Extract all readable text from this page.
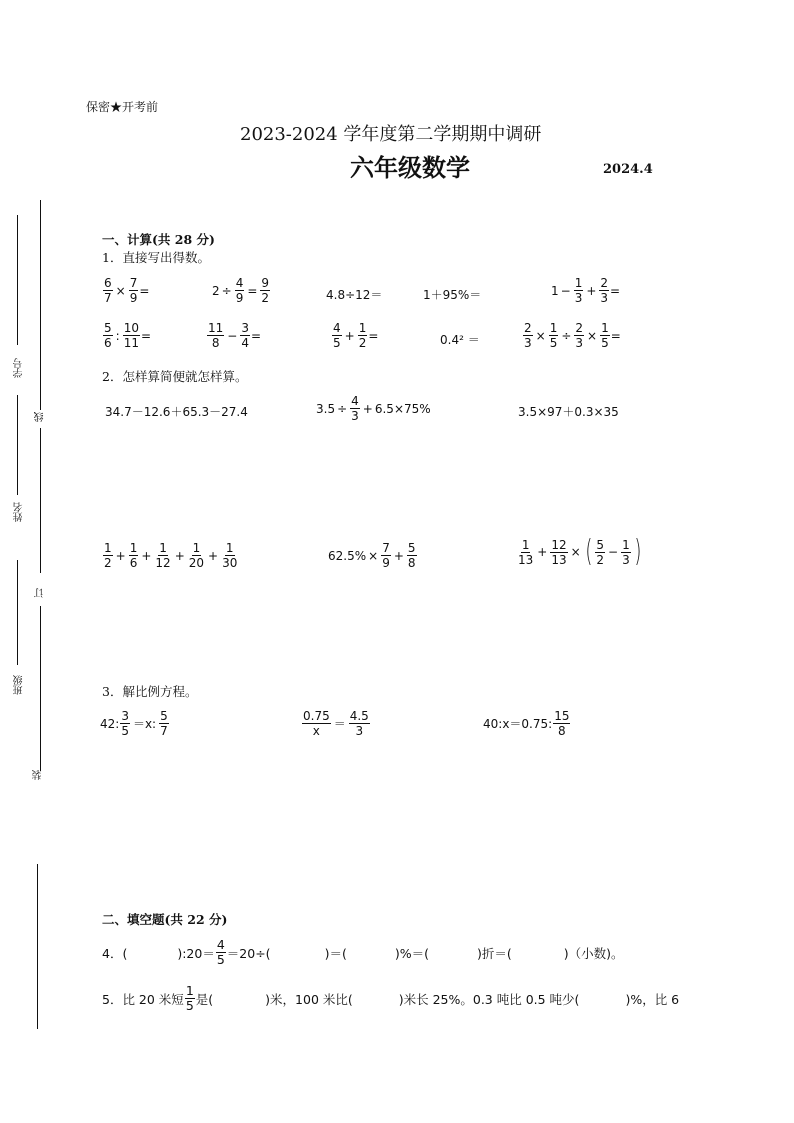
保密★开考前
2023-2024 学年度第二学期期中调研
六年级数学	2024.4
学号
线
姓名
订
班级
装
一、计算(共 28 分)
1．直接写出得数。
$\frac{6}{7} \times \frac{7}{9}$ =	$2 \div \frac{4}{9} = \frac{9}{2}$	4.8÷12＝	1＋95%＝	$1 - \frac{1}{3} + \frac{2}{3}$ =
$\frac{5}{6}$ : $\frac{10}{11}$ =	$\frac{11}{8} - \frac{3}{4}$ =	$\frac{4}{5} + \frac{1}{2}$ =	0.4² ＝	$\frac{2}{3} \times \frac{1}{5} \div \frac{2}{3} \times \frac{1}{5}$ =
2．怎样算简便就怎样算。
34.7－12.6＋65.3－27.4	$3.5 \div \frac{4}{3} + 6.5\times 75\%$	3.5×97＋0.3×35
$\frac{1}{2} + \frac{1}{6} + \frac{1}{12} + \frac{1}{20} + \frac{1}{30}$	$62.5\% \times \frac{7}{9} + \frac{5}{8}$	$\frac{1}{13} + \frac{12}{13}$ × ( $\frac{5}{2} - \frac{1}{3}$ )
3．解比例方程。
42: $\frac{3}{5} =x$: $\frac{5}{7}$	$\frac{0.75}{x} = \frac{4.5}{3}$	40:x＝0.75: $\frac{15}{8}$
二、填空题(共 22 分)
4．(	):20＝ $\frac{4}{5} =20\div$(	)＝(	)%＝(	)折＝(	)（小数)。
5．比 20 米短 $\frac{1}{5}$ 是(	)米，100 米比(	)米长 25%。0.3 吨比 0.5 吨少(	)%，比 6
